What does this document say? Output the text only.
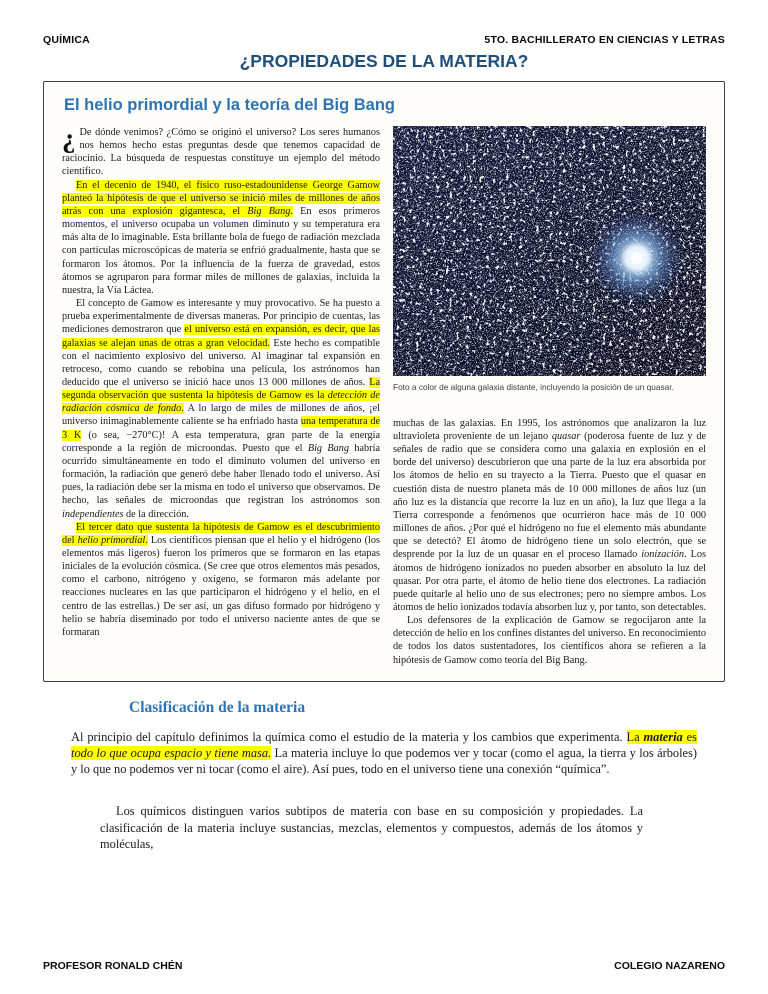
QUÍMICA	5TO. BACHILLERATO EN CIENCIAS Y LETRAS
¿PROPIEDADES DE LA MATERIA?
El helio primordial y la teoría del Big Bang

¿ De dónde venimos? ¿Cómo se originó el universo? Los seres humanos nos hemos hecho estas preguntas desde que tenemos capacidad de raciocinio. La búsqueda de respuestas constituye un ejemplo del método científico.

En el decenio de 1940, el físico ruso-estadounidense George Gamow planteó la hipótesis de que el universo se inició miles de millones de años atrás con una explosión gigantesca, el Big Bang. En esos primeros momentos, el universo ocupaba un volumen diminuto y su temperatura era más alta de lo imaginable. Esta brillante bola de fuego de radiación mezclada con partículas microscópicas de materia se enfrió gradualmente, hasta que se formaron los átomos. Por la influencia de la fuerza de gravedad, estos átomos se agruparon para formar miles de millones de galaxias, incluida la nuestra, la Vía Láctea.

El concepto de Gamow es interesante y muy provocativo. Se ha puesto a prueba experimentalmente de diversas maneras. Por principio de cuentas, las mediciones demostraron que el universo está en expansión, es decir, que las galaxias se alejan unas de otras a gran velocidad. Este hecho es compatible con el nacimiento explosivo del universo. Al imaginar tal expansión en retroceso, como cuando se rebobina una película, los astrónomos han deducido que el universo se inició hace unos 13 000 millones de años. La segunda observación que sustenta la hipótesis de Gamow es la detección de radiación cósmica de fondo. A lo largo de miles de millones de años, ¡el universo inimaginablemente caliente se ha enfriado hasta una temperatura de 3 K (o sea, −270°C)! A esta temperatura, gran parte de la energía corresponde a la región de microondas. Puesto que el Big Bang habría ocurrido simultáneamente en todo el diminuto volumen del universo en formación, la radiación que generó debe haber llenado todo el universo. Así pues, la radiación debe ser la misma en todo el universo que observamos. De hecho, las señales de microondas que registran los astrónomos son independientes de la dirección.

El tercer dato que sustenta la hipótesis de Gamow es el descubrimiento del helio primordial. Los científicos piensan que el helio y el hidrógeno (los elementos más ligeros) fueron los primeros que se formaron en las etapas iniciales de la evolución cósmica. (Se cree que otros elementos más pesados, como el carbono, nitrógeno y oxígeno, se formaron más adelante por reacciones nucleares en las que participaron el hidrógeno y el helio, en el centro de las estrellas.) De ser así, un gas difuso formado por hidrógeno y helio se habría diseminado por todo el universo naciente antes de que se formaran

Foto a color de alguna galaxia distante, incluyendo la posición de un quasar.

muchas de las galaxias. En 1995, los astrónomos que analizaron la luz ultravioleta proveniente de un lejano quasar (poderosa fuente de luz y de señales de radio que se considera como una galaxia en explosión en el borde del universo) descubrieron que una parte de la luz era absorbida por los átomos de helio en su trayecto a la Tierra. Puesto que el quasar en cuestión dista de nuestro planeta más de 10 000 millones de años luz (un año luz es la distancia que recorre la luz en un año), la luz que llega a la Tierra corresponde a fenómenos que ocurrieron hace más de 10 000 millones de años. ¿Por qué el hidrógeno no fue el elemento más abundante que se detectó? El átomo de hidrógeno tiene un solo electrón, que se desprende por la luz de un quasar en el proceso llamado ionización. Los átomos de hidrógeno ionizados no pueden absorber en absoluto la luz del quasar. Por otra parte, el átomo de helio tiene dos electrones. La radiación puede quitarle al helio uno de sus electrones; pero no siempre ambos. Los átomos de helio ionizados todavía absorben luz y, por tanto, son detectables.

Los defensores de la explicación de Gamow se regocijaron ante la detección de helio en los confines distantes del universo. En reconocimiento de todos los datos sustentadores, los científicos ahora se refieren a la hipótesis de Gamow como teoría del Big Bang.

Clasificación de la materia

Al principio del capítulo definimos la química como el estudio de la materia y los cambios que experimenta. La materia es todo lo que ocupa espacio y tiene masa. La materia incluye lo que podemos ver y tocar (como el agua, la tierra y los árboles) y lo que no podemos ver ni tocar (como el aire). Así pues, todo en el universo tiene una conexión “química”.

Los químicos distinguen varios subtipos de materia con base en su composición y propiedades. La clasificación de la materia incluye sustancias, mezclas, elementos y compuestos, además de los átomos y moléculas,

PROFESOR RONALD CHÉN	COLEGIO NAZARENO
